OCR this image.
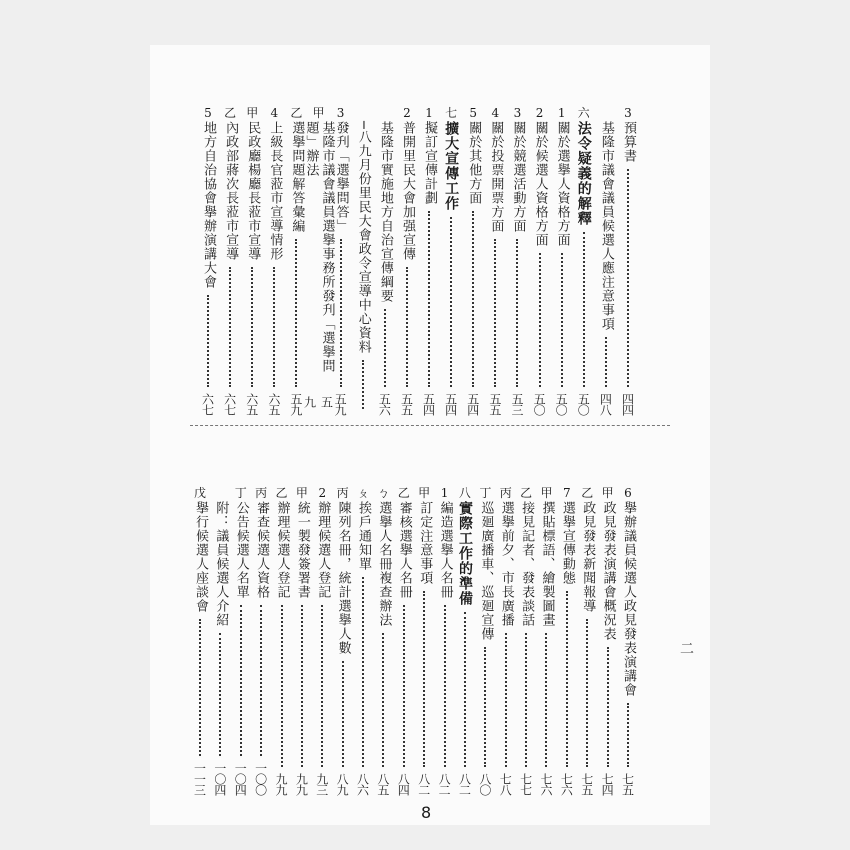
3
預算書
四四
基隆市議會議員候選人應注意事項
四八
六
法令疑義的解釋
五〇
1
關於選擧人資格方面
五〇
2
關於候選人資格方面
五〇
3
關於競選活動方面
五三
4
關於投票開票方面
五五
5
關於其他方面
五四
七
擴大宣傳工作
五四
1
擬訂宣傳計劃
五四
2
普開里民大會加强宣傳
五五
基隆市實施地方自治宣傳綱要
五六
─八九月份里民大會政令宣導中心資料
3
發刋「選擧問答」
五九
甲
基隆市議會議員選擧事務所發刋「選擧問題」辦法
五九
乙
選擧問題解答彙編
五九
4
上級長官蒞市宣導情形
六五
甲
民政廳楊廳長蒞市宣導
六五
乙
內政部蔣次長蒞市宣導
六七
5
地方自治協會擧辦演講大會
六七
6
擧辦議員候選人政見發表演講會
七五
甲
政見發表演講會概況表
七四
乙
政見發表新聞報導
七五
7
選擧宣傳動態
七六
甲
撰貼標語、繪製圖畫
七六
乙
接見記者、發表談話
七七
丙
選擧前夕、市長廣播
七八
丁
巡廻廣播車、巡廻宣傳
八〇
八
實際工作的準備
八二
1
編造選擧人名冊
八二
甲
訂定注意事項
八二
乙
審核選擧人名冊
八四
ㄅ
選擧人名冊複查辦法
八五
ㄆ
挨戶通知單
八六
丙
陳列名冊，統計選擧人數
八九
2
辦理候選人登記
九三
甲
統一製發簽署書
九九
乙
辦理候選人登記
九九
丙
審查候選人資格
一〇〇
丁
公告候選人名單
一〇四
附：議員候選人介紹
一〇四
戊
擧行候選人座談會
一一三
二
8
